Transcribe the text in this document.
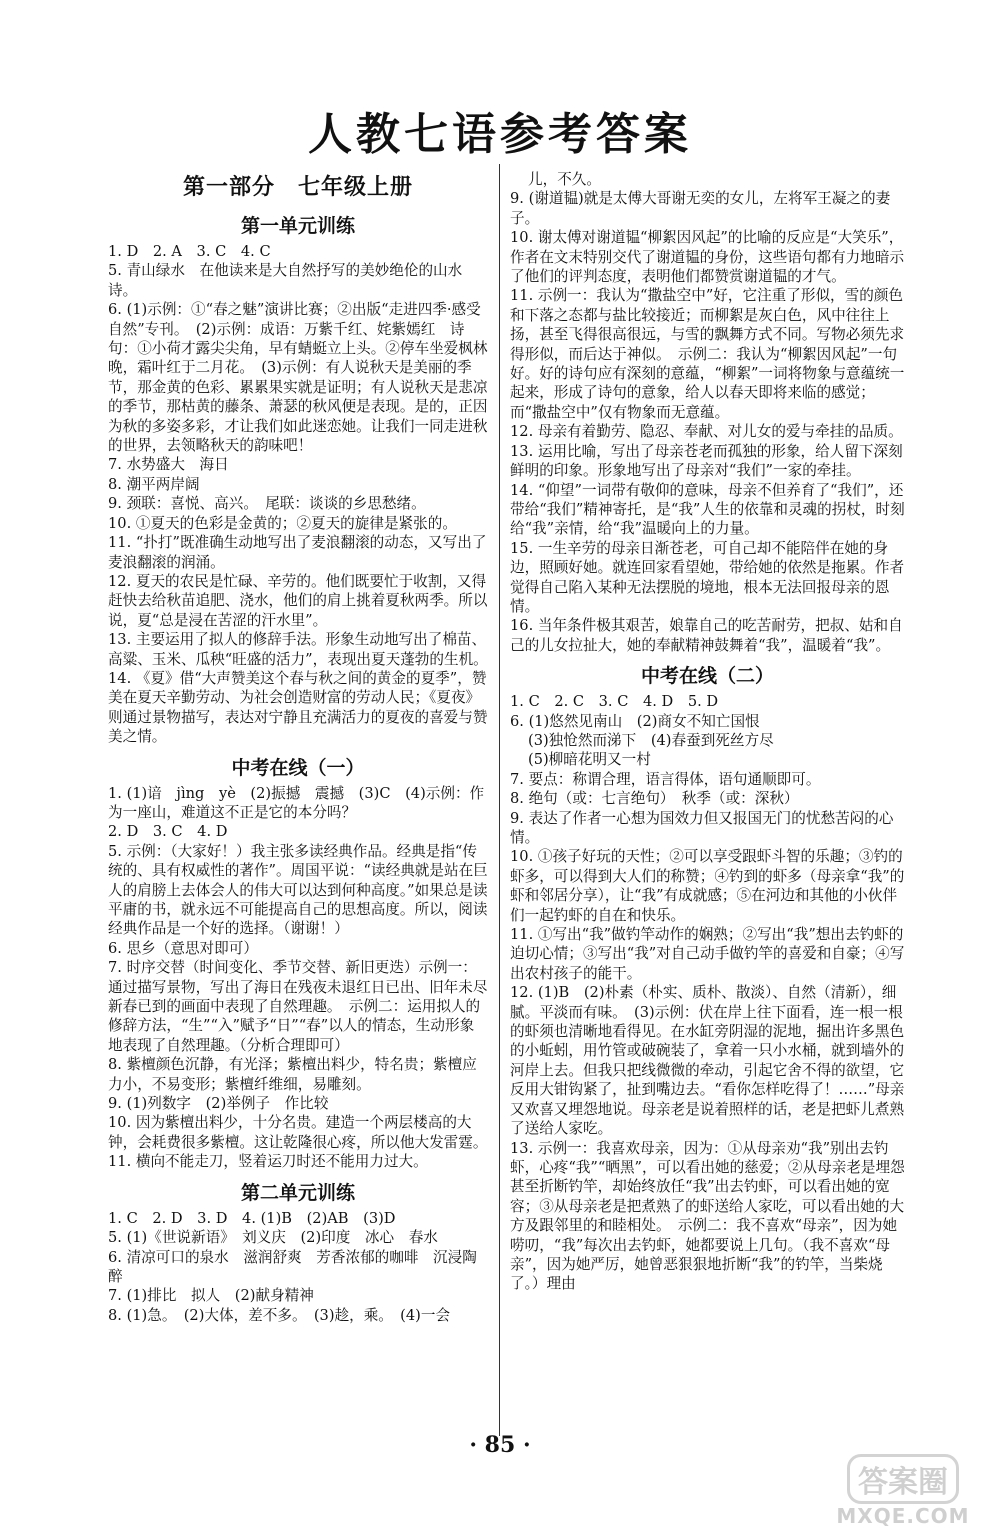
人教七语参考答案
第一部分　七年级上册
第一单元训练

1. D　2. A　3. C　4. C

5. 青山绿水　在他读来是大自然抒写的美妙绝伦的山水诗。

6. (1)示例：①“春之魅”演讲比赛；②出版“走进四季·感受自然”专刊。　(2)示例：成语：万紫千红、姹紫嫣红　诗句：①小荷才露尖尖角，早有蜻蜓立上头。②停车坐爱枫林晚，霜叶红于二月花。　(3)示例：有人说秋天是美丽的季节，那金黄的色彩、累累果实就是证明；有人说秋天是悲凉的季节，那枯黄的藤条、萧瑟的秋风便是表现。是的，正因为秋的多姿多彩，才让我们如此迷恋她。让我们一同走进秋的世界，去领略秋天的韵味吧！

7. 水势盛大　海日

8. 潮平两岸阔

9. 颈联：喜悦、高兴。　尾联：谈谈的乡思愁绪。

10. ①夏天的色彩是金黄的；②夏天的旋律是紧张的。

11. “扑打”既准确生动地写出了麦浪翻滚的动态，又写出了麦浪翻滚的润涌。

12. 夏天的农民是忙碌、辛劳的。他们既要忙于收割，又得赶快去给秋苗追肥、浇水，他们的肩上挑着夏秋两季。所以说，夏“总是浸在苦涩的汗水里”。

13. 主要运用了拟人的修辞手法。形象生动地写出了棉苗、高粱、玉米、瓜秧“旺盛的活力”，表现出夏天蓬勃的生机。

14. 《夏》借“大声赞美这个春与秋之间的黄金的夏季”，赞美在夏天辛勤劳动、为社会创造财富的劳动人民；《夏夜》则通过景物描写，表达对宁静且充满活力的夏夜的喜爱与赞美之情。

中考在线（一）

1. (1)谙　jìng　yè　(2)振撼　震撼　(3)C　(4)示例：作为一座山，难道这不正是它的本分吗？

2. D　3. C　4. D

5. 示例：（大家好！）我主张多读经典作品。经典是指“传统的、具有权威性的著作”。周国平说：“读经典就是站在巨人的肩膀上去体会人的伟大可以达到何种高度。”如果总是读平庸的书，就永远不可能提高自己的思想高度。所以，阅读经典作品是一个好的选择。（谢谢！）

6. 思乡（意思对即可）

7. 时序交替（时间变化、季节交替、新旧更迭）示例一：通过描写景物，写出了海日在残夜未退红日已出、旧年未尽新春已到的画面中表现了自然理趣。　示例二：运用拟人的修辞方法，“生”“入”赋予“日”“春”以人的情态，生动形象地表现了自然理趣。（分析合理即可）

8. 紫檀颜色沉静，有光泽；紫檀出料少，特名贵；紫檀应力小，不易变形；紫檀纤维细，易雕刻。

9. (1)列数字　(2)举例子　作比较

10. 因为紫檀出料少，十分名贵。建造一个两层楼高的大钟，会耗费很多紫檀。这让乾隆很心疼，所以他大发雷霆。

11. 横向不能走刀，竖着运刀时还不能用力过大。

第二单元训练

1. C　2. D　3. D　4. (1)B　(2)AB　(3)D

5. (1)《世说新语》　刘义庆　(2)印度　冰心　春水

6. 清凉可口的泉水　滋润舒爽　芳香浓郁的咖啡　沉浸陶醉

7. (1)排比　拟人　(2)献身精神

8. (1)急。　(2)大体，差不多。　(3)趁，乘。　(4)一会

儿，不久。

9. (谢道韫)就是太傅大哥谢无奕的女儿，左将军王凝之的妻子。

10. 谢太傅对谢道韫“柳絮因风起”的比喻的反应是“大笑乐”，作者在文末特别交代了谢道韫的身份，这些语句都有力地暗示了他们的评判态度，表明他们都赞赏谢道韫的才气。

11. 示例一：我认为“撒盐空中”好，它注重了形似，雪的颜色和下落之态都与盐比较接近；而柳絮是灰白色，风中往往上扬，甚至飞得很高很远，与雪的飘舞方式不同。写物必须先求得形似，而后达于神似。　示例二：我认为“柳絮因风起”一句好。好的诗句应有深刻的意蕴，“柳絮”一词将物象与意蕴统一起来，形成了诗句的意象，给人以春天即将来临的感觉；而“撒盐空中”仅有物象而无意蕴。

12. 母亲有着勤劳、隐忍、奉献、对儿女的爱与牵挂的品质。

13. 运用比喻，写出了母亲苍老而孤独的形象，给人留下深刻鲜明的印象。形象地写出了母亲对“我们”一家的牵挂。

14. “仰望”一词带有敬仰的意味，母亲不但养育了“我们”，还带给“我们”精神寄托，是“我”人生的依靠和灵魂的拐杖，时刻给“我”亲情，给“我”温暖向上的力量。

15. 一生辛劳的母亲日渐苍老，可自己却不能陪伴在她的身边，照顾好她。就连回家看望她，带给她的依然是拖累。作者觉得自己陷入某种无法摆脱的境地，根本无法回报母亲的恩情。

16. 当年条件极其艰苦，娘靠自己的吃苦耐劳，把叔、姑和自己的儿女拉扯大，她的奉献精神鼓舞着“我”，温暖着“我”。

中考在线（二）

1. C　2. C　3. C　4. D　5. D

6. (1)悠然见南山　(2)商女不知亡国恨

(3)独怆然而涕下　(4)春蚕到死丝方尽

(5)柳暗花明又一村

7. 要点：称谓合理，语言得体，语句通顺即可。

8. 绝句（或：七言绝句）　秋季（或：深秋）

9. 表达了作者一心想为国效力但又报国无门的忧愁苦闷的心情。

10. ①孩子好玩的天性；②可以享受跟虾斗智的乐趣；③钓的虾多，可以得到大人们的称赞；④钓到的虾多（母亲拿“我”的虾和邻居分享），让“我”有成就感；⑤在河边和其他的小伙伴们一起钓虾的自在和快乐。

11. ①写出“我”做钓竿动作的娴熟；②写出“我”想出去钓虾的迫切心情；③写出“我”对自己动手做钓竿的喜爱和自豪；④写出农村孩子的能干。

12. (1)B　(2)朴素（朴实、质朴、散淡）、自然（清新），细腻。平淡而有味。　(3)示例：伏在岸上往下面看，连一根一根的虾须也清晰地看得见。在水缸旁阴湿的泥地，掘出许多黑色的小蚯蚓，用竹管或破碗装了，拿着一只小水桶，就到墙外的河岸上去。但我只把线微微的牵动，引起它舍不得的欲望，它反用大钳钩紧了，扯到嘴边去。“看你怎样吃得了！……”母亲又欢喜又埋怨地说。母亲老是说着照样的话，老是把虾儿煮熟了送给人家吃。

13. 示例一：我喜欢母亲，因为：①从母亲劝“我”别出去钓虾，心疼“我”“晒黑”，可以看出她的慈爱；②从母亲老是埋怨甚至折断钓竿，却始终放任“我”出去钓虾，可以看出她的宽容；③从母亲老是把煮熟了的虾送给人家吃，可以看出她的大方及跟邻里的和睦相处。　示例二：我不喜欢“母亲”，因为她唠叨，“我”每次出去钓虾，她都要说上几句。（我不喜欢“母亲”，因为她严厉，她曾恶狠狠地折断“我”的钓竿，当柴烧了。）理由

· 85 ·
答案圈
MXQE.COM
